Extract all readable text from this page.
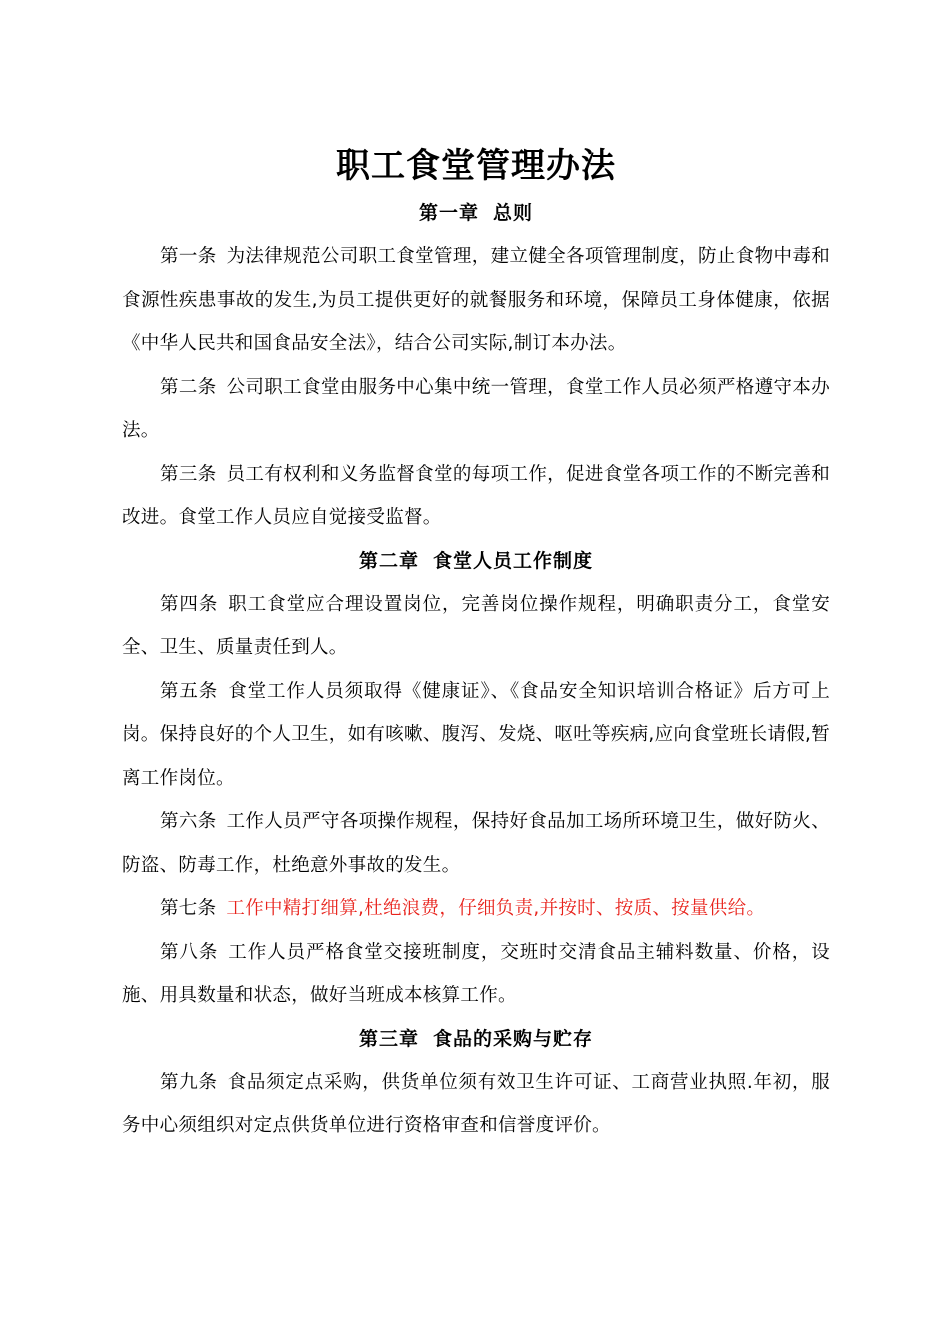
职工食堂管理办法
第一章 总则

第一条 为法律规范公司职工食堂管理，建立健全各项管理制度，防止食物中毒和食源性疾患事故的发生,为员工提供更好的就餐服务和环境，保障员工身体健康，依据《中华人民共和国食品安全法》，结合公司实际,制订本办法。

第二条 公司职工食堂由服务中心集中统一管理，食堂工作人员必须严格遵守本办法。

第三条 员工有权利和义务监督食堂的每项工作，促进食堂各项工作的不断完善和改进。食堂工作人员应自觉接受监督。

第二章 食堂人员工作制度

第四条 职工食堂应合理设置岗位，完善岗位操作规程，明确职责分工，食堂安全、卫生、质量责任到人。

第五条 食堂工作人员须取得《健康证》、《食品安全知识培训合格证》后方可上岗。保持良好的个人卫生，如有咳嗽、腹泻、发烧、呕吐等疾病,应向食堂班长请假,暂离工作岗位。

第六条 工作人员严守各项操作规程，保持好食品加工场所环境卫生，做好防火、防盗、防毒工作，杜绝意外事故的发生。

第七条 工作中精打细算,杜绝浪费，仔细负责,并按时、按质、按量供给。

第八条 工作人员严格食堂交接班制度，交班时交清食品主辅料数量、价格，设施、用具数量和状态，做好当班成本核算工作。

第三章 食品的采购与贮存

第九条 食品须定点采购，供货单位须有效卫生许可证、工商营业执照.年初，服务中心须组织对定点供货单位进行资格审查和信誉度评价。
